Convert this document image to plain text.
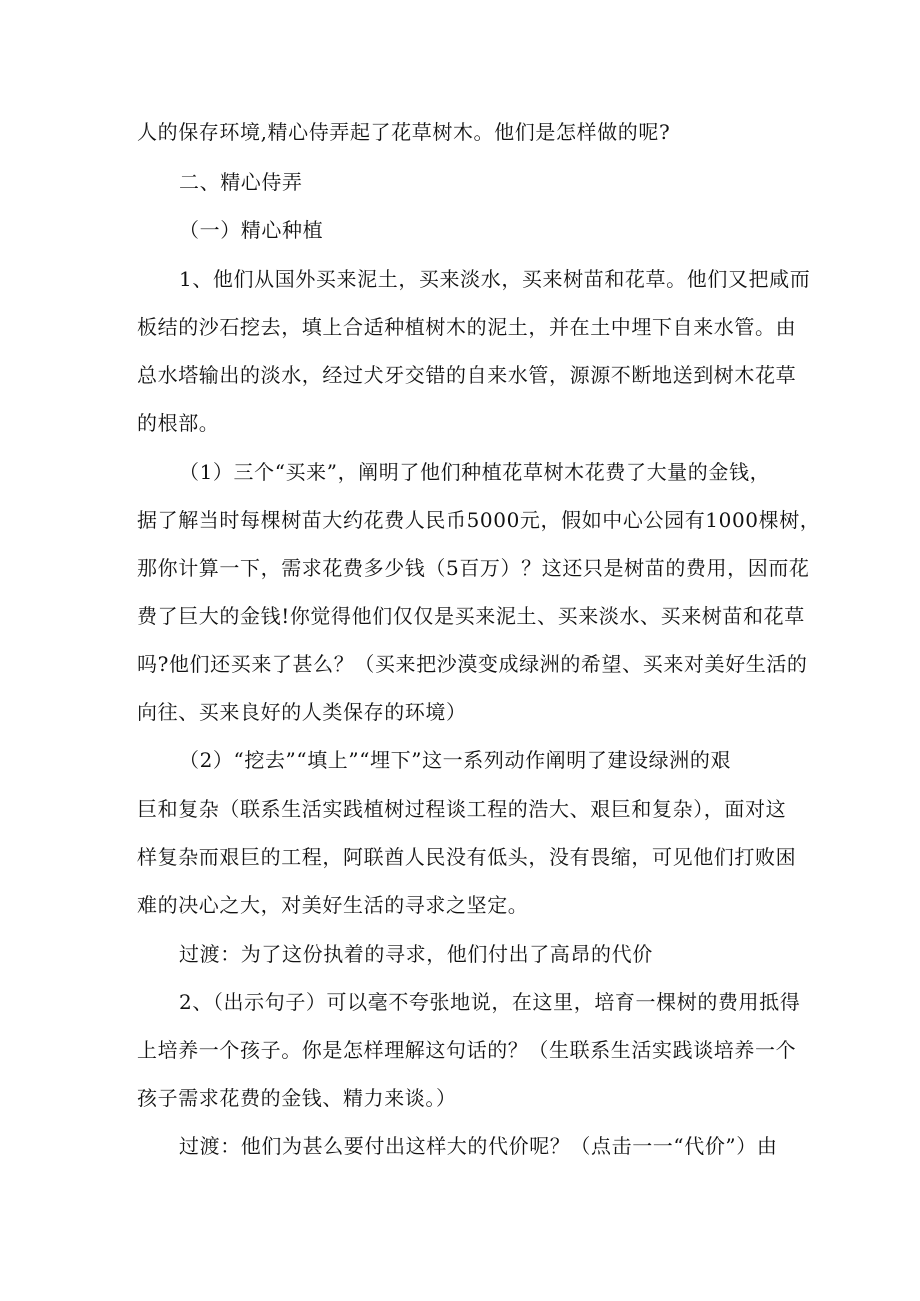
人的保存环境,精心侍弄起了花草树木。他们是怎样做的呢?
二、精心侍弄
（一）精心种植
1、他们从国外买来泥土，买来淡水，买来树苗和花草。他们又把咸而
板结的沙石挖去，填上合适种植树木的泥土，并在土中埋下自来水管。由
总水塔输出的淡水，经过犬牙交错的自来水管，源源不断地送到树木花草
的根部。
（1）三个“买来”，阐明了他们种植花草树木花费了大量的金钱，
据了解当时每棵树苗大约花费人民币5000元，假如中心公园有1000棵树，
那你计算一下，需求花费多少钱（5百万）？这还只是树苗的费用，因而花
费了巨大的金钱!你觉得他们仅仅是买来泥土、买来淡水、买来树苗和花草
吗?他们还买来了甚么？（买来把沙漠变成绿洲的希望、买来对美好生活的
向往、买来良好的人类保存的环境）
（2）“挖去”“填上”“埋下”这一系列动作阐明了建设绿洲的艰
巨和复杂（联系生活实践植树过程谈工程的浩大、艰巨和复杂），面对这
样复杂而艰巨的工程，阿联酋人民没有低头，没有畏缩，可见他们打败困
难的决心之大，对美好生活的寻求之坚定。
过渡：为了这份执着的寻求，他们付出了高昂的代价
2、（出示句子）可以毫不夸张地说，在这里，培育一棵树的费用抵得
上培养一个孩子。你是怎样理解这句话的？（生联系生活实践谈培养一个
孩子需求花费的金钱、精力来谈。）
过渡：他们为甚么要付出这样大的代价呢？（点击一一“代价”）由
